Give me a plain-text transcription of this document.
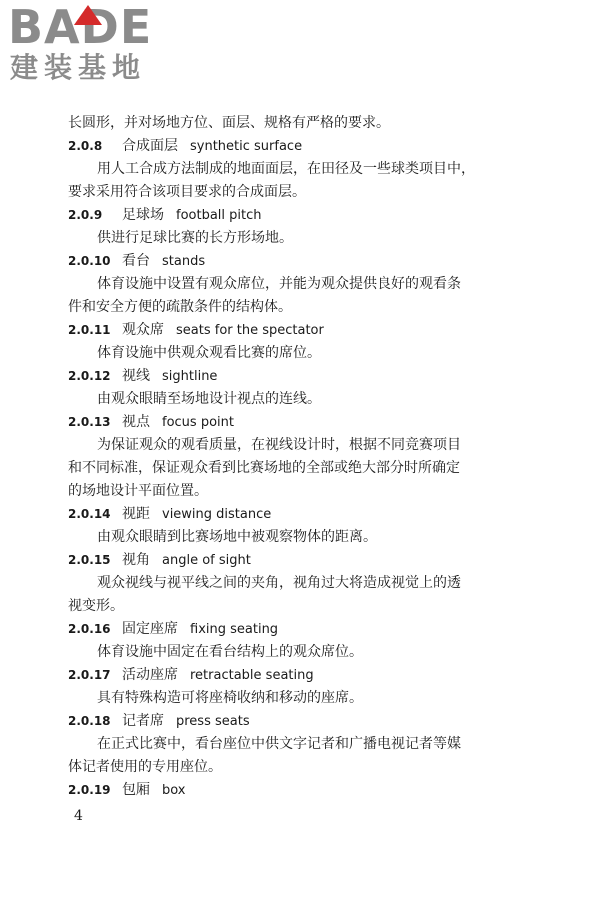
BADE
建装基地
长圆形，并对场地方位、面层、规格有严格的要求。
2.0.8 合成面层 synthetic surface
用人工合成方法制成的地面面层，在田径及一些球类项目中，
要求采用符合该项目要求的合成面层。
2.0.9 足球场 football pitch
供进行足球比赛的长方形场地。
2.0.10 看台 stands
体育设施中设置有观众席位，并能为观众提供良好的观看条
件和安全方便的疏散条件的结构体。
2.0.11 观众席 seats for the spectator
体育设施中供观众观看比赛的席位。
2.0.12 视线 sightline
由观众眼睛至场地设计视点的连线。
2.0.13 视点 focus point
为保证观众的观看质量，在视线设计时，根据不同竞赛项目
和不同标准，保证观众看到比赛场地的全部或绝大部分时所确定
的场地设计平面位置。
2.0.14 视距 viewing distance
由观众眼睛到比赛场地中被观察物体的距离。
2.0.15 视角 angle of sight
观众视线与视平线之间的夹角，视角过大将造成视觉上的透
视变形。
2.0.16 固定座席 fixing seating
体育设施中固定在看台结构上的观众席位。
2.0.17 活动座席 retractable seating
具有特殊构造可将座椅收纳和移动的座席。
2.0.18 记者席 press seats
在正式比赛中，看台座位中供文字记者和广播电视记者等媒
体记者使用的专用座位。
2.0.19 包厢 box
4
